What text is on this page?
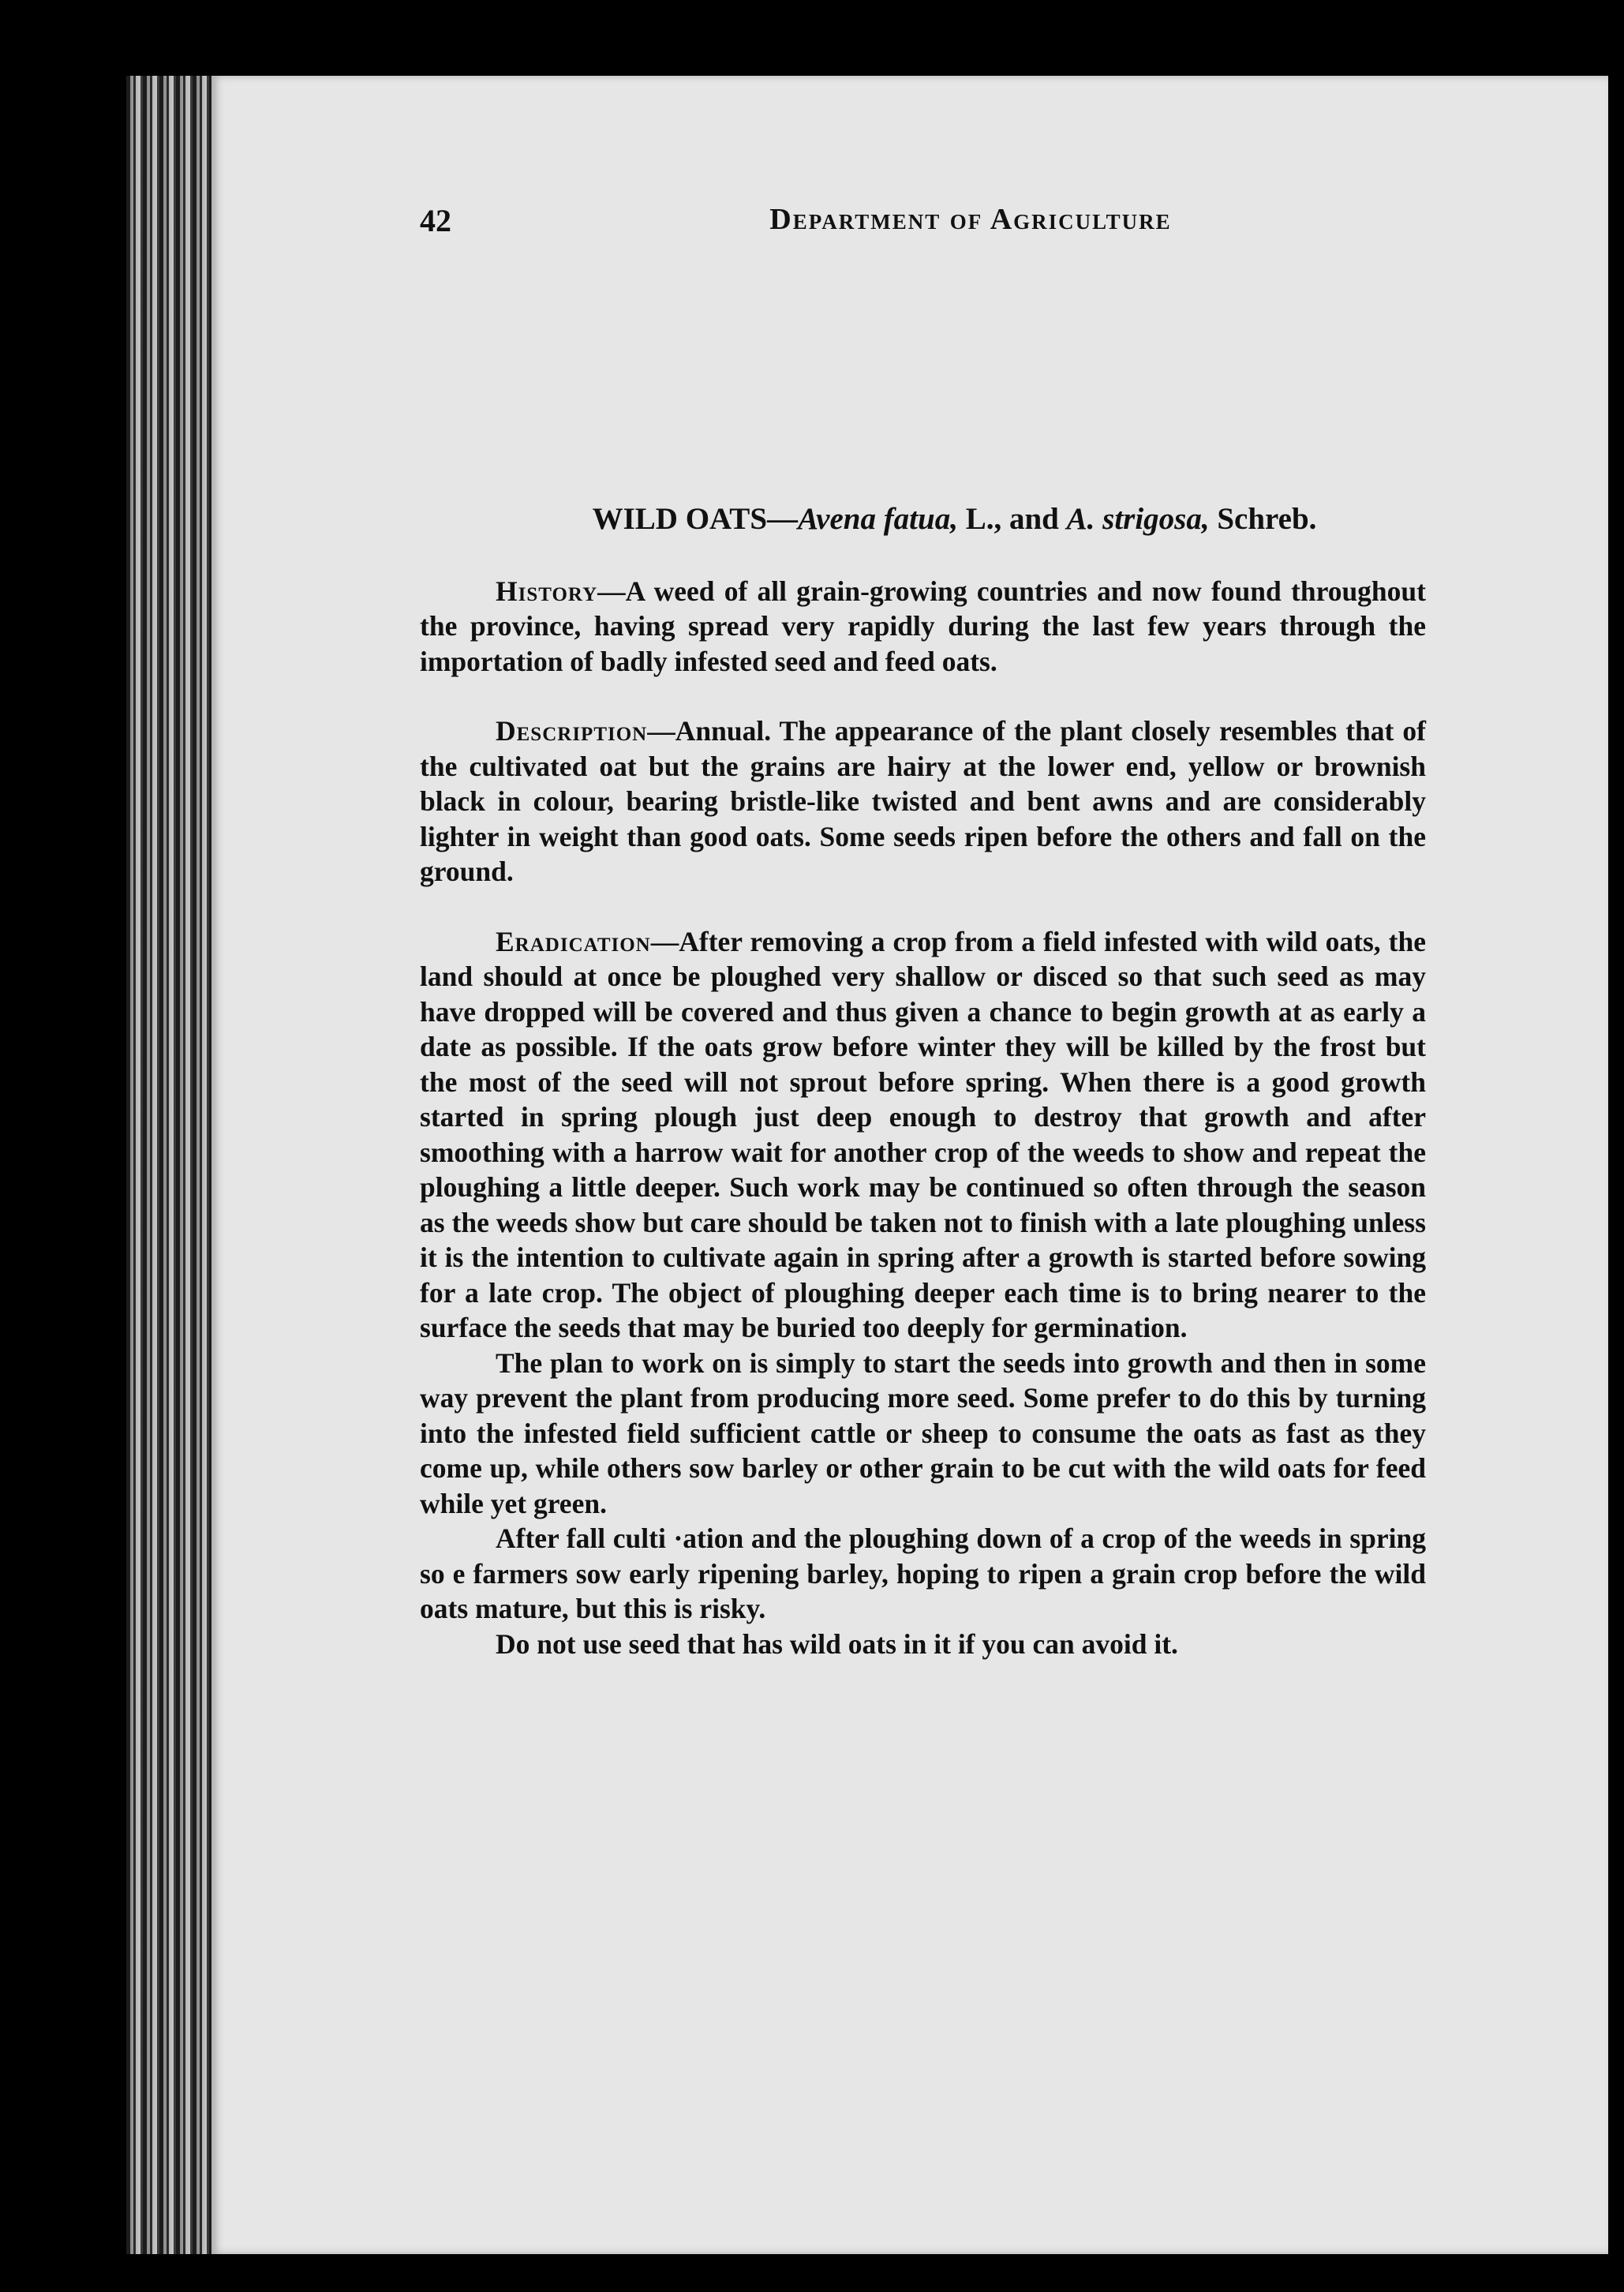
42	Department of Agriculture
WILD OATS—Avena fatua, L., and A. strigosa, Schreb.

History—A weed of all grain-growing countries and now found throughout the province, having spread very rapidly during the last few years through the importation of badly infested seed and feed oats.

Description—Annual. The appearance of the plant closely resembles that of the cultivated oat but the grains are hairy at the lower end, yellow or brownish black in colour, bearing bristle-like twisted and bent awns and are considerably lighter in weight than good oats. Some seeds ripen before the others and fall on the ground.

Eradication—After removing a crop from a field infested with wild oats, the land should at once be ploughed very shallow or disced so that such seed as may have dropped will be covered and thus given a chance to begin growth at as early a date as possible. If the oats grow before winter they will be killed by the frost but the most of the seed will not sprout before spring. When there is a good growth started in spring plough just deep enough to destroy that growth and after smoothing with a harrow wait for another crop of the weeds to show and repeat the ploughing a little deeper. Such work may be continued so often through the season as the weeds show but care should be taken not to finish with a late ploughing unless it is the intention to cultivate again in spring after a growth is started before sowing for a late crop. The object of ploughing deeper each time is to bring nearer to the surface the seeds that may be buried too deeply for germination.

The plan to work on is simply to start the seeds into growth and then in some way prevent the plant from producing more seed. Some prefer to do this by turning into the infested field sufficient cattle or sheep to consume the oats as fast as they come up, while others sow barley or other grain to be cut with the wild oats for feed while yet green.

After fall culti ·ation and the ploughing down of a crop of the weeds in spring so e farmers sow early ripening barley, hoping to ripen a grain crop before the wild oats mature, but this is risky.

Do not use seed that has wild oats in it if you can avoid it.
